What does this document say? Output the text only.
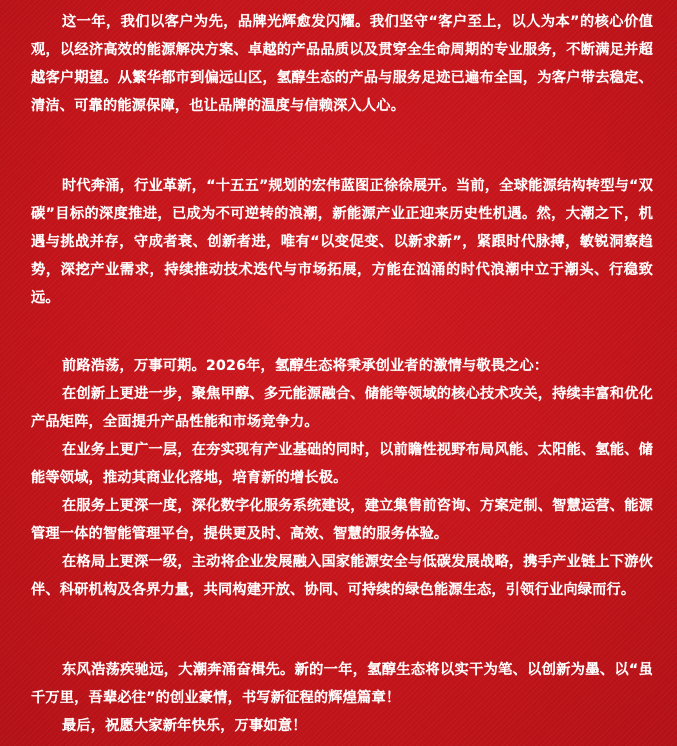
这一年，我们以客户为先，品牌光辉愈发闪耀。我们坚守“客户至上，以人为本”的核心价值观，以经济高效的能源解决方案、卓越的产品品质以及贯穿全生命周期的专业服务，不断满足并超越客户期望。从繁华都市到偏远山区，氢醇生态的产品与服务足迹已遍布全国，为客户带去稳定、清洁、可靠的能源保障，也让品牌的温度与信赖深入人心。

时代奔涌，行业革新，“十五五”规划的宏伟蓝图正徐徐展开。当前，全球能源结构转型与“双碳”目标的深度推进，已成为不可逆转的浪潮，新能源产业正迎来历史性机遇。然，大潮之下，机遇与挑战并存，守成者衰、创新者进，唯有“以变促变、以新求新”，紧跟时代脉搏，敏锐洞察趋势，深挖产业需求，持续推动技术迭代与市场拓展，方能在汹涌的时代浪潮中立于潮头、行稳致远。

前路浩荡，万事可期。2026年，氢醇生态将秉承创业者的激情与敬畏之心：

在创新上更进一步，聚焦甲醇、多元能源融合、储能等领域的核心技术攻关，持续丰富和优化产品矩阵，全面提升产品性能和市场竞争力。

在业务上更广一层，在夯实现有产业基础的同时，以前瞻性视野布局风能、太阳能、氢能、储能等领域，推动其商业化落地，培育新的增长极。

在服务上更深一度，深化数字化服务系统建设，建立集售前咨询、方案定制、智慧运营、能源管理一体的智能管理平台，提供更及时、高效、智慧的服务体验。

在格局上更深一级，主动将企业发展融入国家能源安全与低碳发展战略，携手产业链上下游伙伴、科研机构及各界力量，共同构建开放、协同、可持续的绿色能源生态，引领行业向绿而行。

东风浩荡疾驰远，大潮奔涌奋楫先。新的一年，氢醇生态将以实干为笔、以创新为墨、以“虽千万里，吾辈必往”的创业豪情，书写新征程的辉煌篇章！

最后，祝愿大家新年快乐，万事如意！
